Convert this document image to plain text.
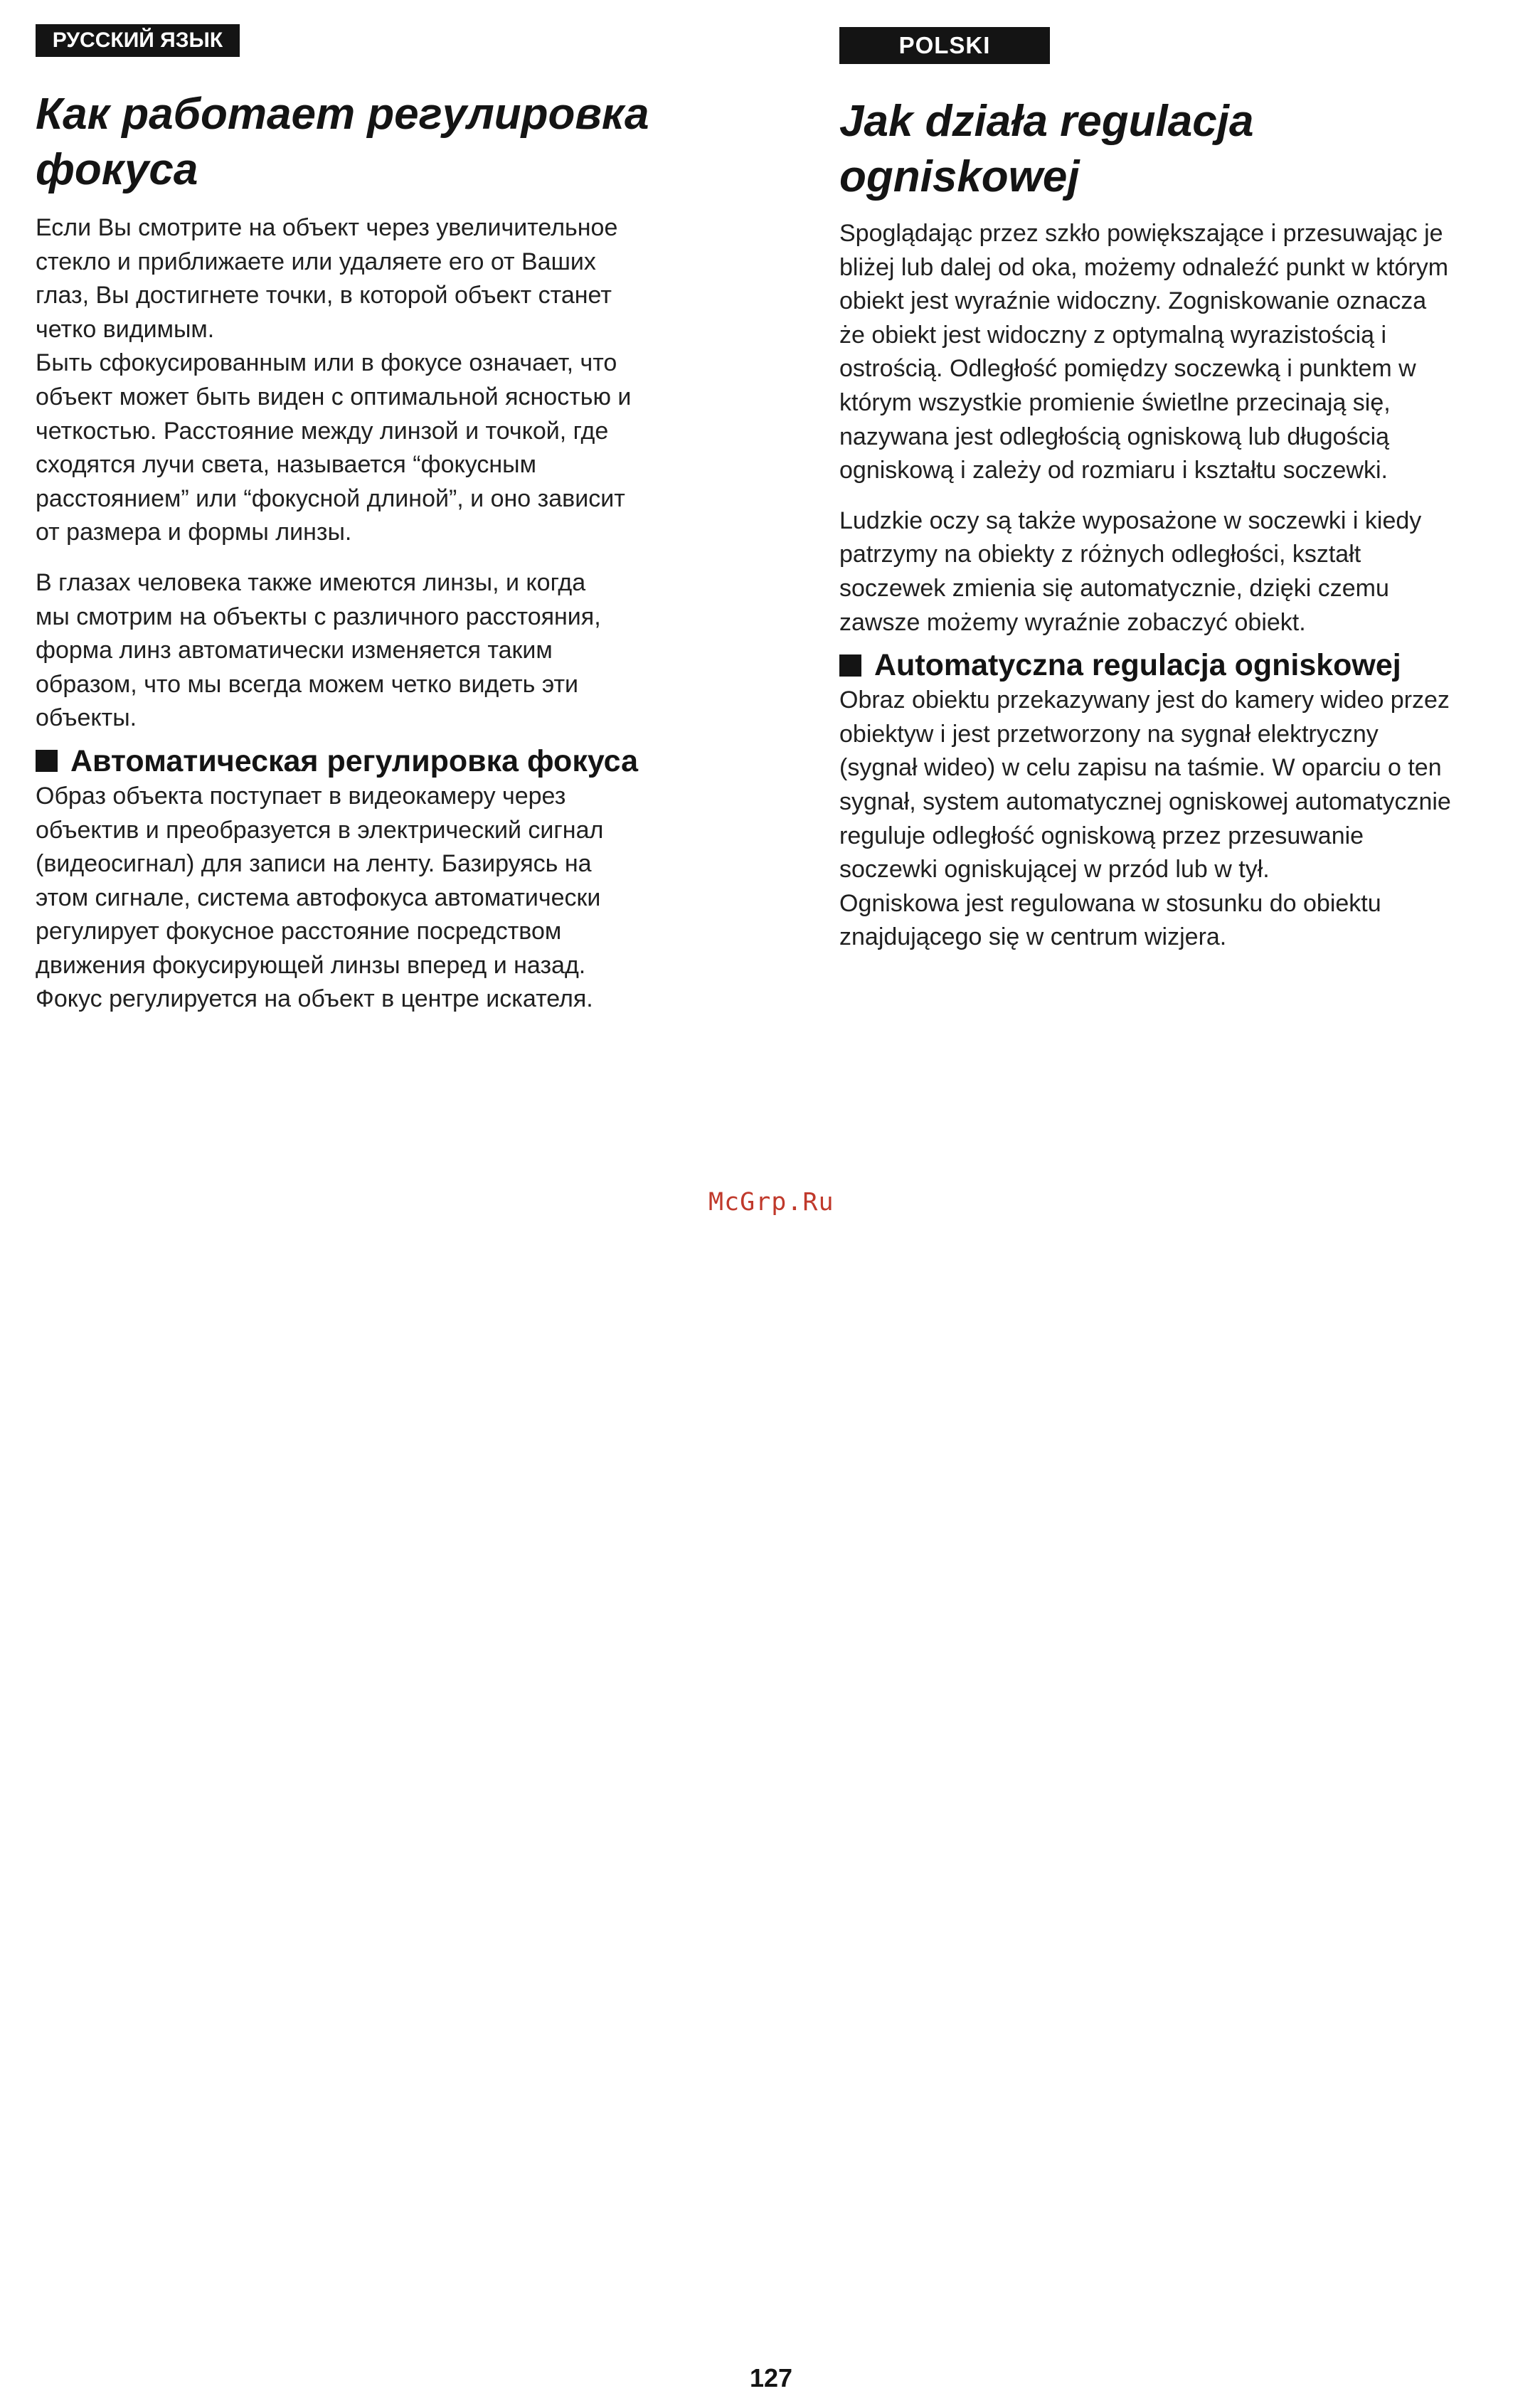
РУССКИЙ ЯЗЫК
Как работает регулировка
фокуса

Если Вы смотрите на объект через увеличительное
стекло и приближаете или удаляете его от Ваших
глаз, Вы достигнете точки, в которой объект станет
четко видимым.
Быть сфокусированным или в фокусе означает, что
объект может быть виден с оптимальной ясностью и
четкостью. Расстояние между линзой и точкой, где
сходятся лучи света, называется “фокусным
расстоянием” или “фокусной длиной”, и оно зависит
от размера и формы линзы.

В глазах человека также имеются линзы, и когда
мы смотрим на объекты с различного расстояния,
форма линз автоматически изменяется таким
образом, что мы всегда можем четко видеть эти
объекты.

Автоматическая регулировка фокуса

Образ объекта поступает в видеокамеру через
объектив и преобразуется в электрический сигнал
(видеосигнал) для записи на ленту. Базируясь на
этом сигнале, система автофокуса автоматически
регулирует фокусное расстояние посредством
движения фокусирующей линзы вперед и назад.
Фокус регулируется на объект в центре искателя.

POLSKI
Jak działa regulacja
ogniskowej

Spoglądając przez szkło powiększające i przesuwając je
bliżej lub dalej od oka, możemy odnaleźć punkt w którym
obiekt jest wyraźnie widoczny. Zogniskowanie oznacza
że obiekt jest widoczny z optymalną wyrazistością i
ostrością. Odległość pomiędzy soczewką i punktem w
którym wszystkie promienie świetlne przecinają się,
nazywana jest odległością ogniskową lub długością
ogniskową i zależy od rozmiaru i kształtu soczewki.

Ludzkie oczy są także wyposażone w soczewki i kiedy
patrzymy na obiekty z różnych odległości, kształt
soczewek zmienia się automatycznie, dzięki czemu
zawsze możemy wyraźnie zobaczyć obiekt.

Automatyczna regulacja ogniskowej

Obraz obiektu przekazywany jest do kamery wideo przez
obiektyw i jest przetworzony na sygnał elektryczny
(sygnał wideo) w celu zapisu na taśmie. W oparciu o ten
sygnał, system automatycznej ogniskowej automatycznie
reguluje odległość ogniskową przez przesuwanie
soczewki ogniskującej w przód lub w tył.
Ogniskowa jest regulowana w stosunku do obiektu
znajdującego się w centrum wizjera.

McGrp.Ru
127
